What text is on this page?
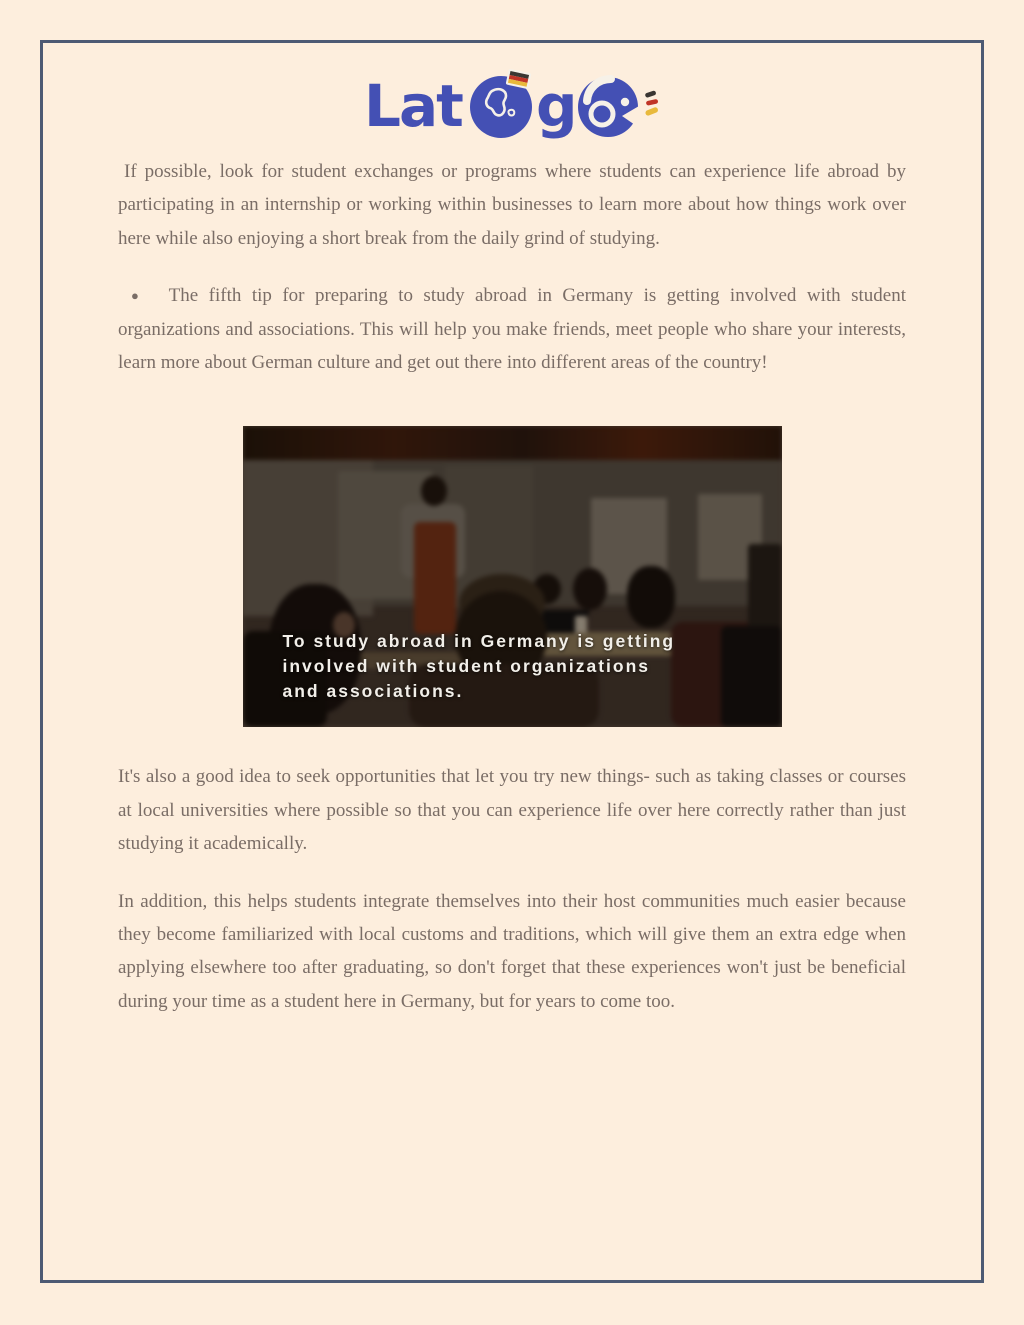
Lat g

If possible, look for student exchanges or programs where students can experience life abroad by participating in an internship or working within businesses to learn more about how things work over here while also enjoying a short break from the daily grind of studying.

● The fifth tip for preparing to study abroad in Germany is getting involved with student organizations and associations. This will help you make friends, meet people who share your interests, learn more about German culture and get out there into different areas of the country!

To study abroad in Germany is getting
involved with student organizations
and associations.

It's also a good idea to seek opportunities that let you try new things- such as taking classes or courses at local universities where possible so that you can experience life over here correctly rather than just studying it academically.

In addition, this helps students integrate themselves into their host communities much easier because they become familiarized with local customs and traditions, which will give them an extra edge when applying elsewhere too after graduating, so don't forget that these experiences won't just be beneficial during your time as a student here in Germany, but for years to come too.
